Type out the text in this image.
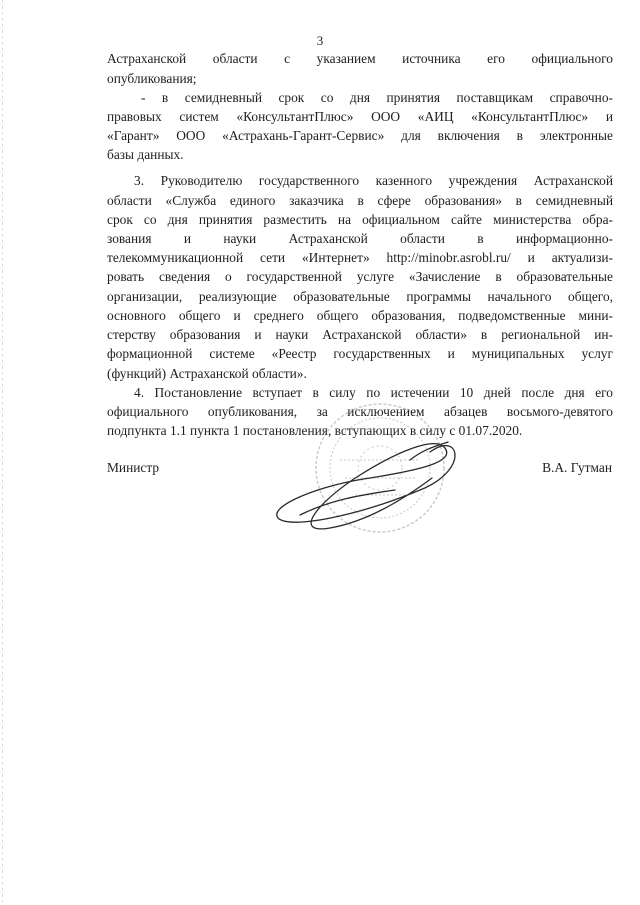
3
Астраханской области с указанием источника его официального
опубликования;
- в семидневный срок со дня принятия поставщикам справочно-
правовых систем «КонсультантПлюс» ООО «АИЦ «КонсультантПлюс» и
«Гарант» ООО «Астрахань-Гарант-Сервис» для включения в электронные
базы данных.
3. Руководителю государственного казенного учреждения Астраханской
области «Служба единого заказчика в сфере образования» в семидневный
срок со дня принятия разместить на официальном сайте министерства обра-
зования и науки Астраханской области в информационно-
телекоммуникационной сети «Интернет» http://minobr.asrobl.ru/ и актуализи-
ровать сведения о государственной услуге «Зачисление в образовательные
организации, реализующие образовательные программы начального общего,
основного общего и среднего общего образования, подведомственные мини-
стерству образования и науки Астраханской области» в региональной ин-
формационной системе «Реестр государственных и муниципальных услуг
(функций) Астраханской области».
4. Постановление вступает в силу по истечении 10 дней после дня его
официального опубликования, за исключением абзацев восьмого-девятого
подпункта 1.1 пункта 1 постановления, вступающих в силу с 01.07.2020.
Министр	В.А. Гутман
